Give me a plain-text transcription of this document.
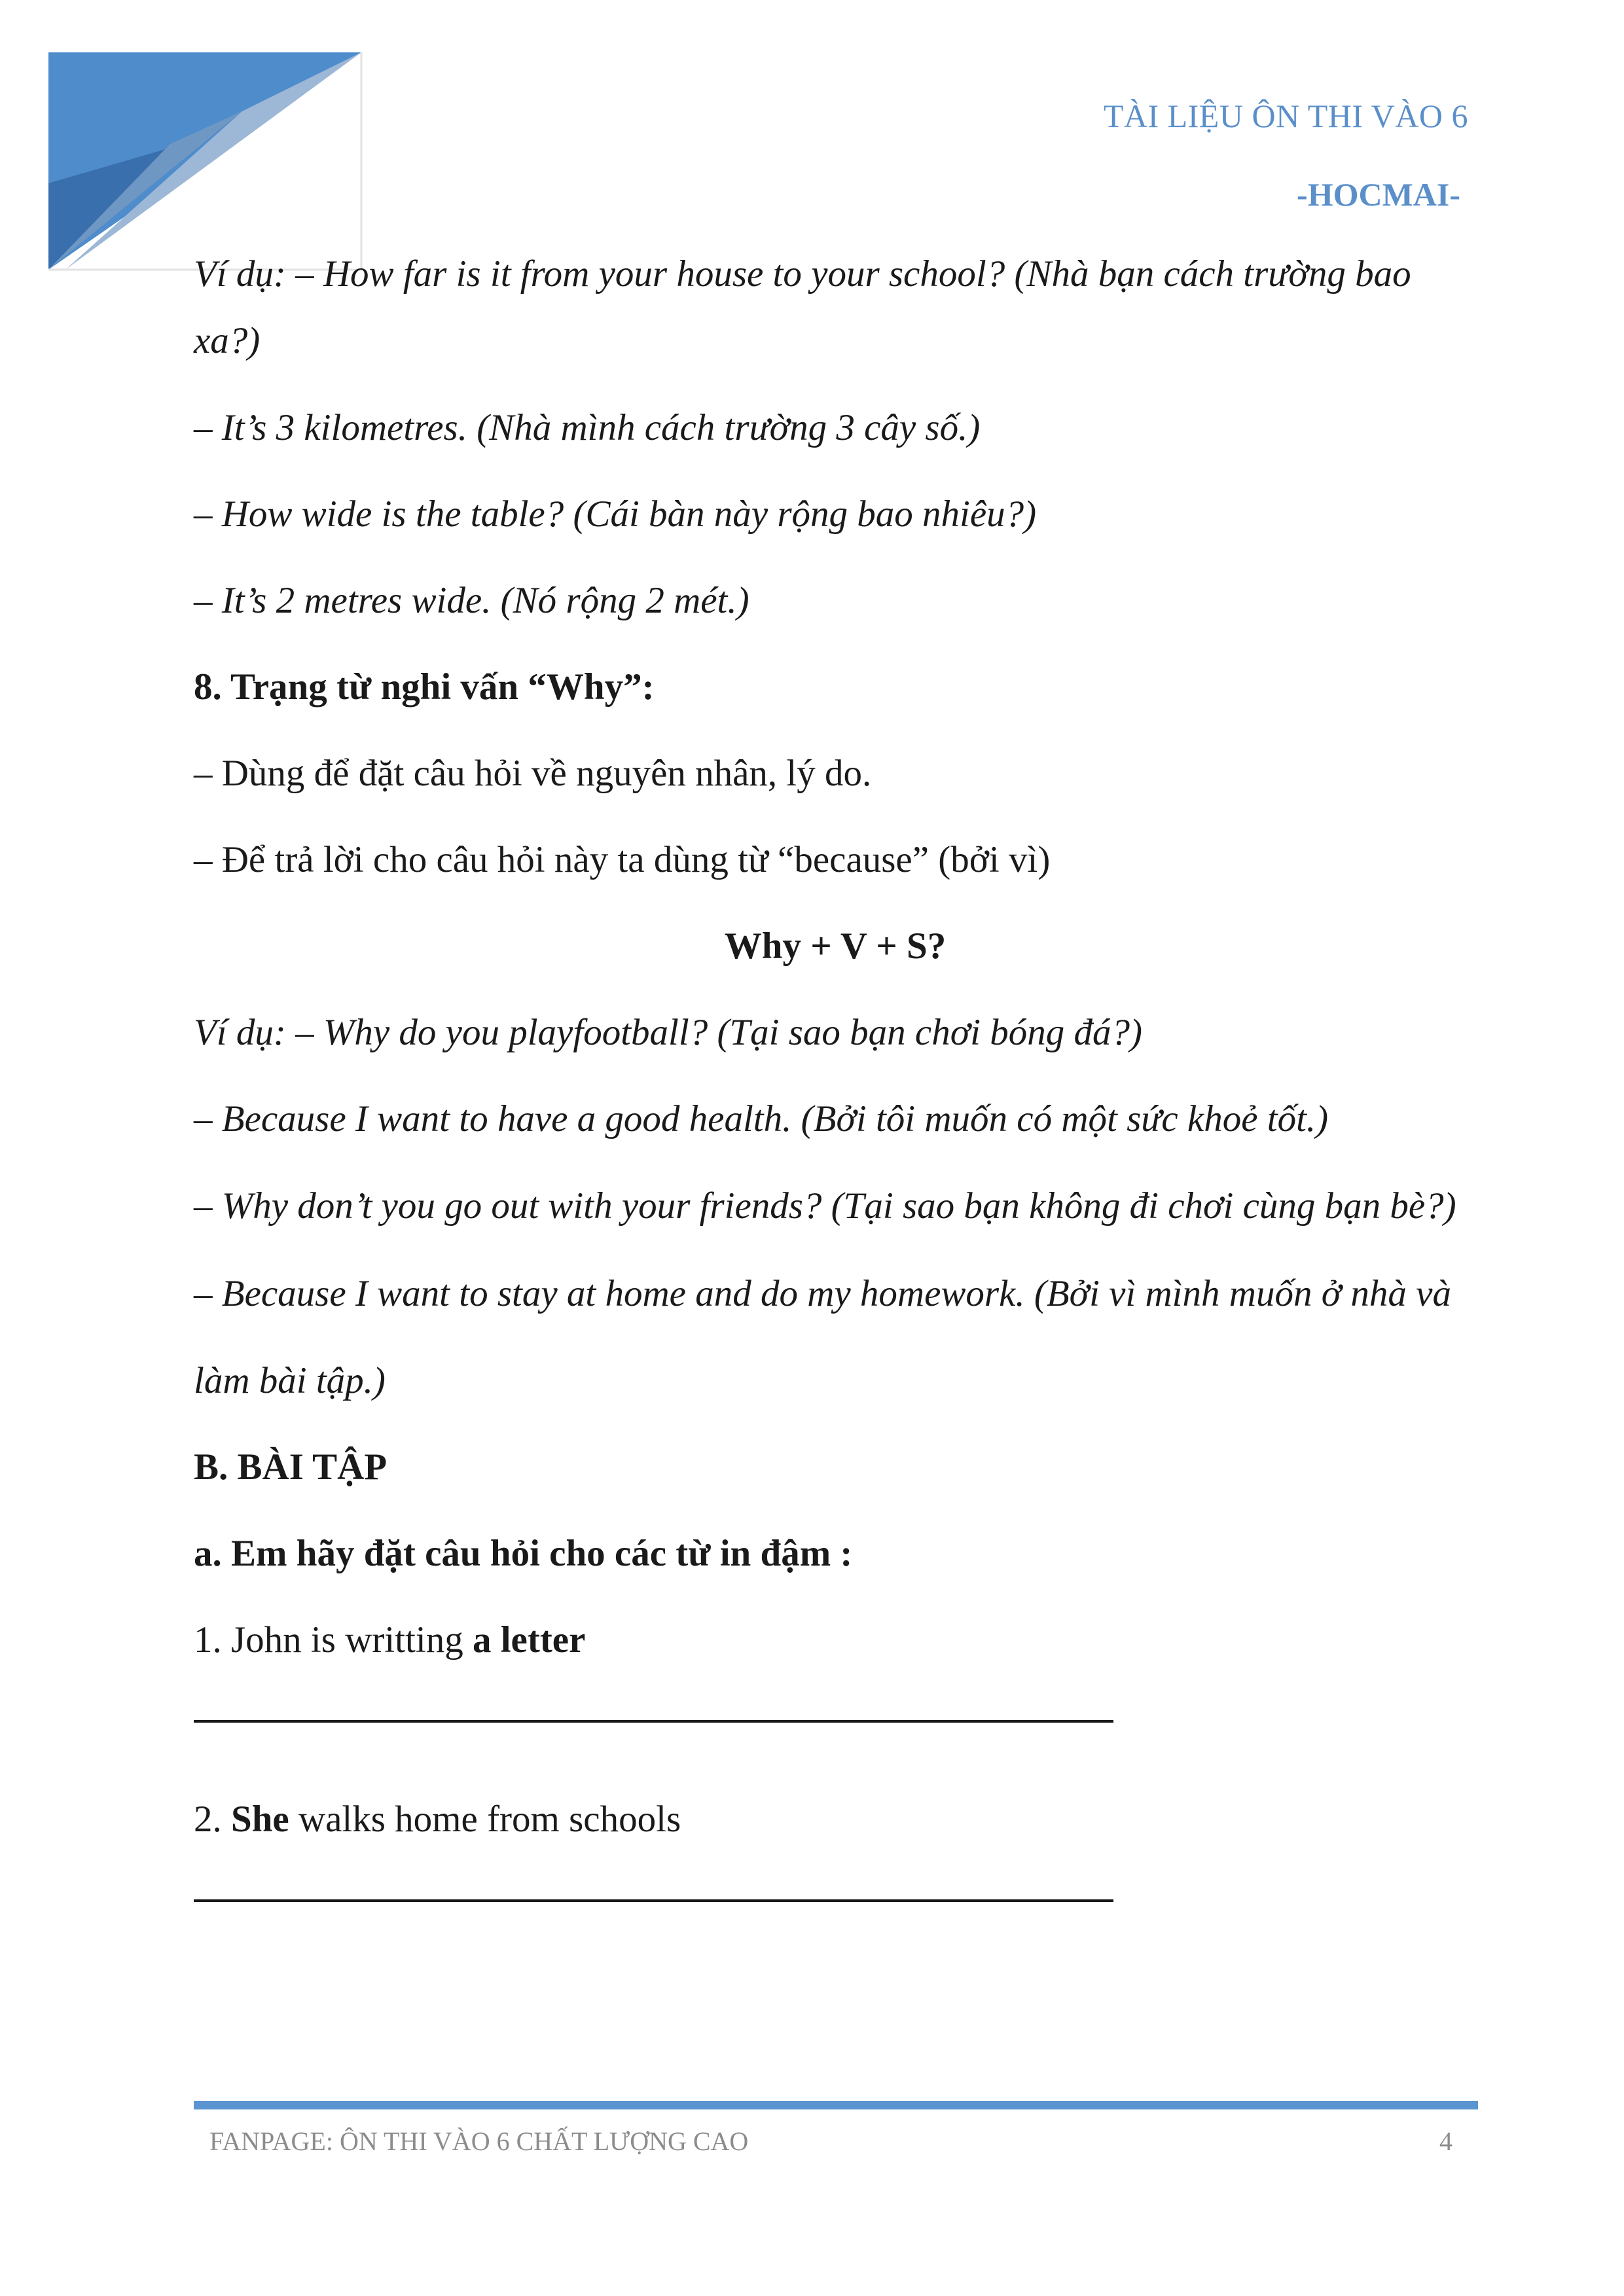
TÀI LIỆU ÔN THI VÀO 6
-HOCMAI-

Ví dụ: – How far is it from your house to your school? (Nhà bạn cách trường bao xa?)

– It’s 3 kilometres. (Nhà mình cách trường 3 cây số.)

– How wide is the table? (Cái bàn này rộng bao nhiêu?)

– It’s 2 metres wide. (Nó rộng 2 mét.)

8. Trạng từ nghi vấn “Why”:

– Dùng để đặt câu hỏi về nguyên nhân, lý do.

– Để trả lời cho câu hỏi này ta dùng từ “because” (bởi vì)

Why + V + S?

Ví dụ: – Why do you playfootball? (Tại sao bạn chơi bóng đá?)

– Because I want to have a good health. (Bởi tôi muốn có một sức khoẻ tốt.)

– Why don’t you go out with your friends? (Tại sao bạn không đi chơi cùng bạn bè?)

– Because I want to stay at home and do my homework. (Bởi vì mình muốn ở nhà và

làm bài tập.)

B. BÀI TẬP

a. Em hãy đặt câu hỏi cho các từ in đậm :

1. John is writting a letter

2. She walks home from schools

FANPAGE: ÔN THI VÀO 6 CHẤT LƯỢNG CAO	4
